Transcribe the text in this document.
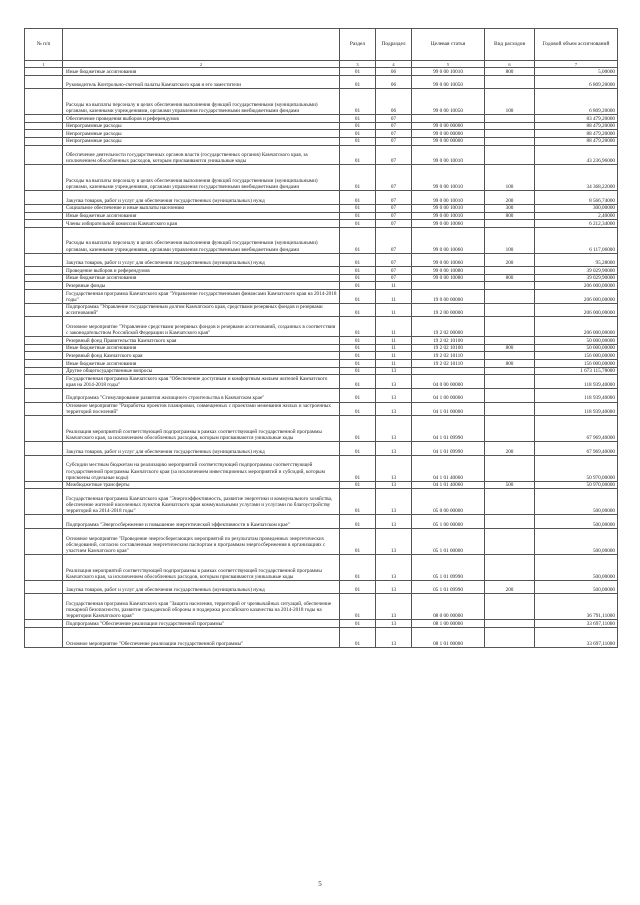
№ п/п		Раздел	Подраздел	Целевая статья	Вид расходов	Годовой объем ассигнований
1	2	3	4	5	6	7
	Иные бюджетные ассигнования	01	06	99 0 00 10010	800	5,00000
	Руководитель Контрольно-счетной палаты Камчатского края и его заместители	01	06	99 0 00 10050		6 809,20000
	Расходы на выплаты персоналу в целях обеспечения выполнения функций государственными (муниципальными) органами, казенными учреждениями, органами управления государственными внебюджетными фондами	01	06	99 0 00 10050	100	6 809,20000
	Обеспечение проведения выборов и референдумов	01	07			83 479,20000
	Непрограммные расходы	01	07	99 0 00 00000		88 479,20000
	Непрограммные расходы	01	07	99 0 00 00000		88 479,20000
	Непрограммные расходы	01	07	99 0 00 00000		88 479,20000
	Обеспечение деятельности государственных органов власти (государственных органов) Камчатского края, за исключением обособленных расходов, которым присваиваются уникальные коды	01	07	99 0 00 10010		43 236,96000
	Расходы на выплаты персоналу в целях обеспечения выполнения функций государственными (муниципальными) органами, казенными учреждениями, органами управления государственными внебюджетными фондами	01	07	99 0 00 10010	100	34 368,22000
	Закупка товаров, работ и услуг для обеспечения государственных (муниципальных) нужд	01	07	99 0 00 10010	200	8 566,74000
	Социальное обеспечение и иные выплаты населению	01	07	99 0 00 10010	300	300,00000
	Иные бюджетные ассигнования	01	07	99 0 00 10010	800	2,40000
	Члены избирательной комиссии Камчатского края	01	07	99 0 00 10060		6 212,34000
	Расходы на выплаты персоналу в целях обеспечения выполнения функций государственными (муниципальными) органами, казенными учреждениями, органами управления государственными внебюджетными фондами	01	07	99 0 00 10060	100	6 117,06000
	Закупка товаров, работ и услуг для обеспечения государственных (муниципальных) нужд	01	07	99 0 00 10060	200	95,28000
	Проведение выборов и референдумов	01	07	99 0 00 10080		39 029,90000
	Иные бюджетные ассигнования	01	07	99 0 00 10080	800	39 029,90000
	Резервные фонды	01	11			206 000,00000
	Государственная программа Камчатского края "Управление государственными финансами Камчатского края на 2014-2018 годы"	01	11	19 0 00 00000		206 000,00000
	Подпрограмма "Управление государственным долгом Камчатского края, средствами резервных фондов и резервами ассигнований"	01	11	19 2 00 00000		206 000,00000
	Основное мероприятие "Управление средствами резервных фондов и резервами ассигнований, созданных в соответствии с законодательством Российской Федерации и Камчатского края"	01	11	19 2 02 00000		206 000,00000
	Резервный фонд Правительства Камчатского края	01	11	19 2 02 10100		50 000,00000
	Иные бюджетные ассигнования	01	11	19 2 02 10100	800	50 000,00000
	Резервный фонд Камчатского края	01	11	19 2 02 10110		156 000,00000
	Иные бюджетные ассигнования	01	11	19 2 02 10110	800	156 000,00000
	Другие общегосударственные вопросы	01	13			1 673 115,78000
	Государственная программа Камчатского края "Обеспечение доступным и комфортным жильем жителей Камчатского края на 2014-2018 годы"	01	13	04 0 00 00000		118 939,40000
	Подпрограмма "Стимулирование развития жилищного строительства в Камчатском крае"	01	13	04 1 00 00000		118 939,40000
	Основное мероприятие "Разработка проектов планировки, совмещенных с проектами межевания жилых и застроенных территорий поселений"	01	13	04 1 01 00000		118 939,40000
	Реализация мероприятий соответствующей подпрограммы в рамках соответствующей государственной программы Камчатского края, за исключением обособленных расходов, которым присваиваются уникальные коды	01	13	04 1 01 09990		67 969,40000
	Закупка товаров, работ и услуг для обеспечения государственных (муниципальных) нужд	01	13	04 1 01 09990	200	67 969,40000
	Субсидии местным бюджетам на реализацию мероприятий соответствующей подпрограммы соответствующей государственной программы Камчатского края (за исключением инвестиционных мероприятий и субсидий, которым присвоены отдельные коды)	01	13	04 1 01 40060		50 970,00000
	Межбюджетные трансферты	01	13	04 1 01 40060	500	50 970,00000
	Государственная программа Камчатского края "Энергоэффективность, развитие энергетики и коммунального хозяйства, обеспечение жителей населенных пунктов Камчатского края коммунальными услугами и услугами по благоустройству территорий на 2014-2018 годы"	01	13	05 0 00 00000		500,00000
	Подпрограмма "Энергосбережение и повышение энергетической эффективности в Камчатском крае"	01	13	05 1 00 00000		500,00000
	Основное мероприятие "Проведение энергосберегающих мероприятий по результатам проведенных энергетических обследований, согласно составленным энергетическим паспортам и программам энергосбережения в организациях с участием Камчатского края"	01	13	05 1 01 00000		500,00000
	Реализация мероприятий соответствующей подпрограммы в рамках соответствующей государственной программы Камчатского края, за исключением обособленных расходов, которым присваиваются уникальные коды	01	13	05 1 01 09990		500,00000
	Закупка товаров, работ и услуг для обеспечения государственных (муниципальных) нужд	01	13	05 1 01 09990	200	500,00000
	Государственная программа Камчатского края "Защита населения, территорий от чрезвычайных ситуаций, обеспечение пожарной безопасности, развитие гражданской обороны и поддержка российского казачества на 2014-2018 годы на территории Камчатского края"	01	13	08 0 00 00000		36 791,11000
	Подпрограмма "Обеспечение реализации государственной программы"	01	13	08 1 00 00000		33 697,11000
	Основное мероприятие "Обеспечение реализации государственной программы"	01	13	08 1 01 00000		33 697,11000
5
